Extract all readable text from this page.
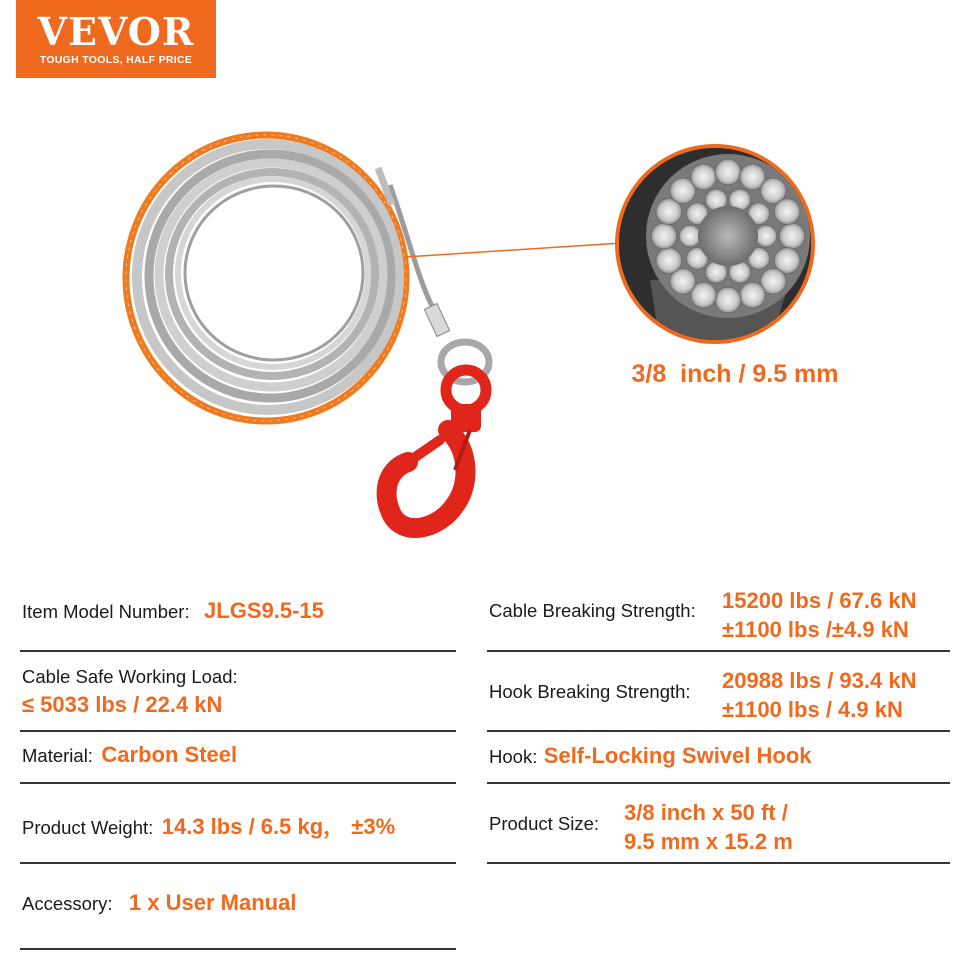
VEVOR
TOUGH TOOLS, HALF PRICE
3/8  inch / 9.5 mm
Item Model Number: JLGS9.5-15
Cable Safe Working Load:
≤ 5033 lbs / 22.4 kN
Material: Carbon Steel
Product Weight: 14.3 lbs / 6.5 kg， ±3%
Accessory: 1 x User Manual
Cable Breaking Strength: 15200 lbs / 67.6 kN
±1100 lbs /±4.9 kN
Hook Breaking Strength: 20988 lbs / 93.4 kN
±1100 lbs / 4.9 kN
Hook: Self-Locking Swivel Hook
Product Size: 3/8 inch x 50 ft /
9.5 mm x 15.2 m
